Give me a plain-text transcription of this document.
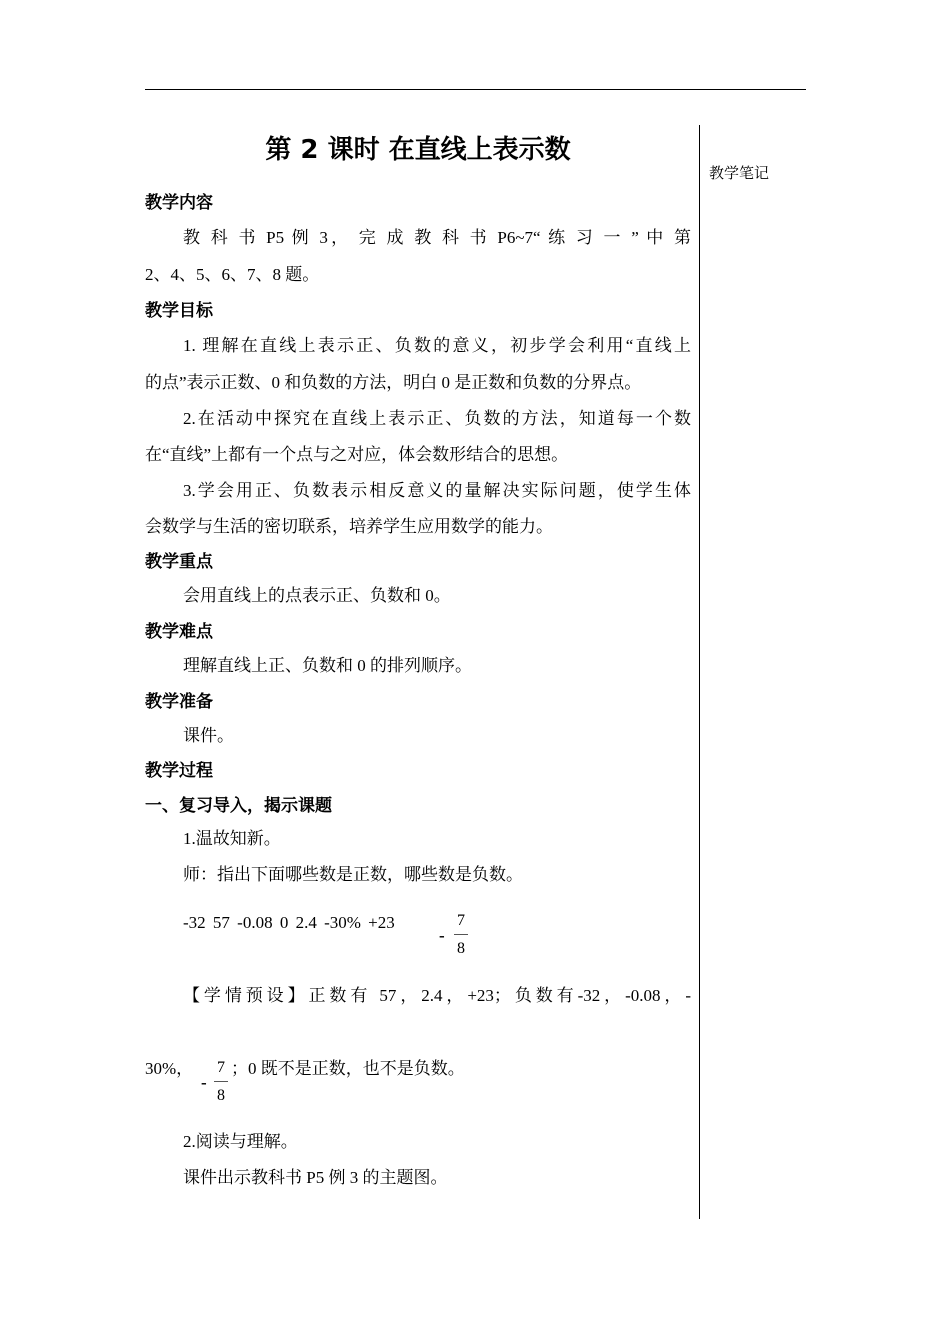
教学笔记
第 2 课时 在直线上表示数
教学内容
教 科 书 P5 例 3， 完 成 教 科 书 P6~7“ 练 习 一 ” 中 第
2、4、5、6、7、8 题。
教学目标
1. 理解在直线上表示正、负数的意义，初步学会利用“直线上
的点”表示正数、0 和负数的方法，明白 0 是正数和负数的分界点。
2.在活动中探究在直线上表示正、负数的方法，知道每一个数
在“直线”上都有一个点与之对应，体会数形结合的思想。
3.学会用正、负数表示相反意义的量解决实际问题，使学生体
会数学与生活的密切联系，培养学生应用数学的能力。
教学重点
会用直线上的点表示正、负数和 0。
教学难点
理解直线上正、负数和 0 的排列顺序。
教学准备
课件。
教学过程
一、复习导入，揭示课题
1.温故知新。
师：指出下面哪些数是正数，哪些数是负数。
-32 57 -0.08 0 2.4 -30% +23
-
7
8
【学情预设】正数有 57，2.4，+23；负数有-32，-0.08，-
30%，
-
7
8
；0 既不是正数，也不是负数。
2.阅读与理解。
课件出示教科书 P5 例 3 的主题图。
